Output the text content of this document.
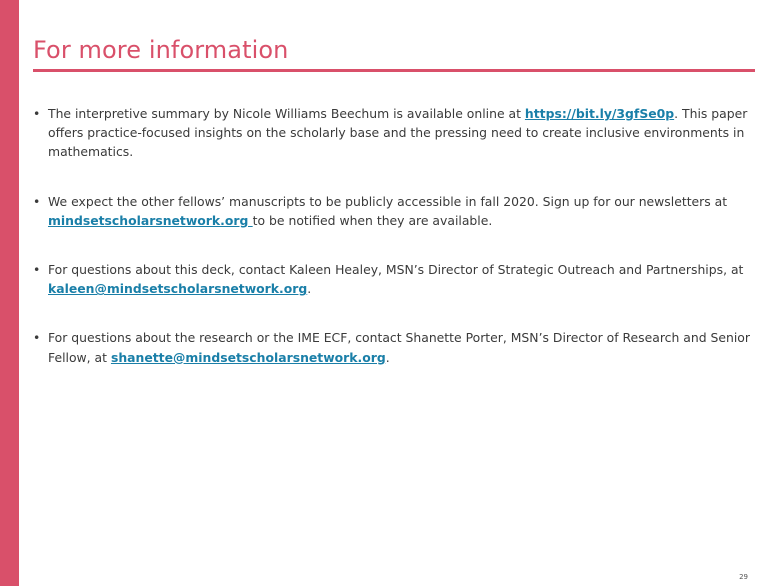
For more information
• The interpretive summary by Nicole Williams Beechum is available online at https://bit.ly/3gfSe0p. This paper offers practice-focused insights on the scholarly base and the pressing need to create inclusive environments in mathematics.
• We expect the other fellows’ manuscripts to be publicly accessible in fall 2020. Sign up for our newsletters at mindsetscholarsnetwork.org to be notified when they are available.
• For questions about this deck, contact Kaleen Healey, MSN’s Director of Strategic Outreach and Partnerships, at kaleen@mindsetscholarsnetwork.org.
• For questions about the research or the IME ECF, contact Shanette Porter, MSN’s Director of Research and Senior Fellow, at shanette@mindsetscholarsnetwork.org.
29
